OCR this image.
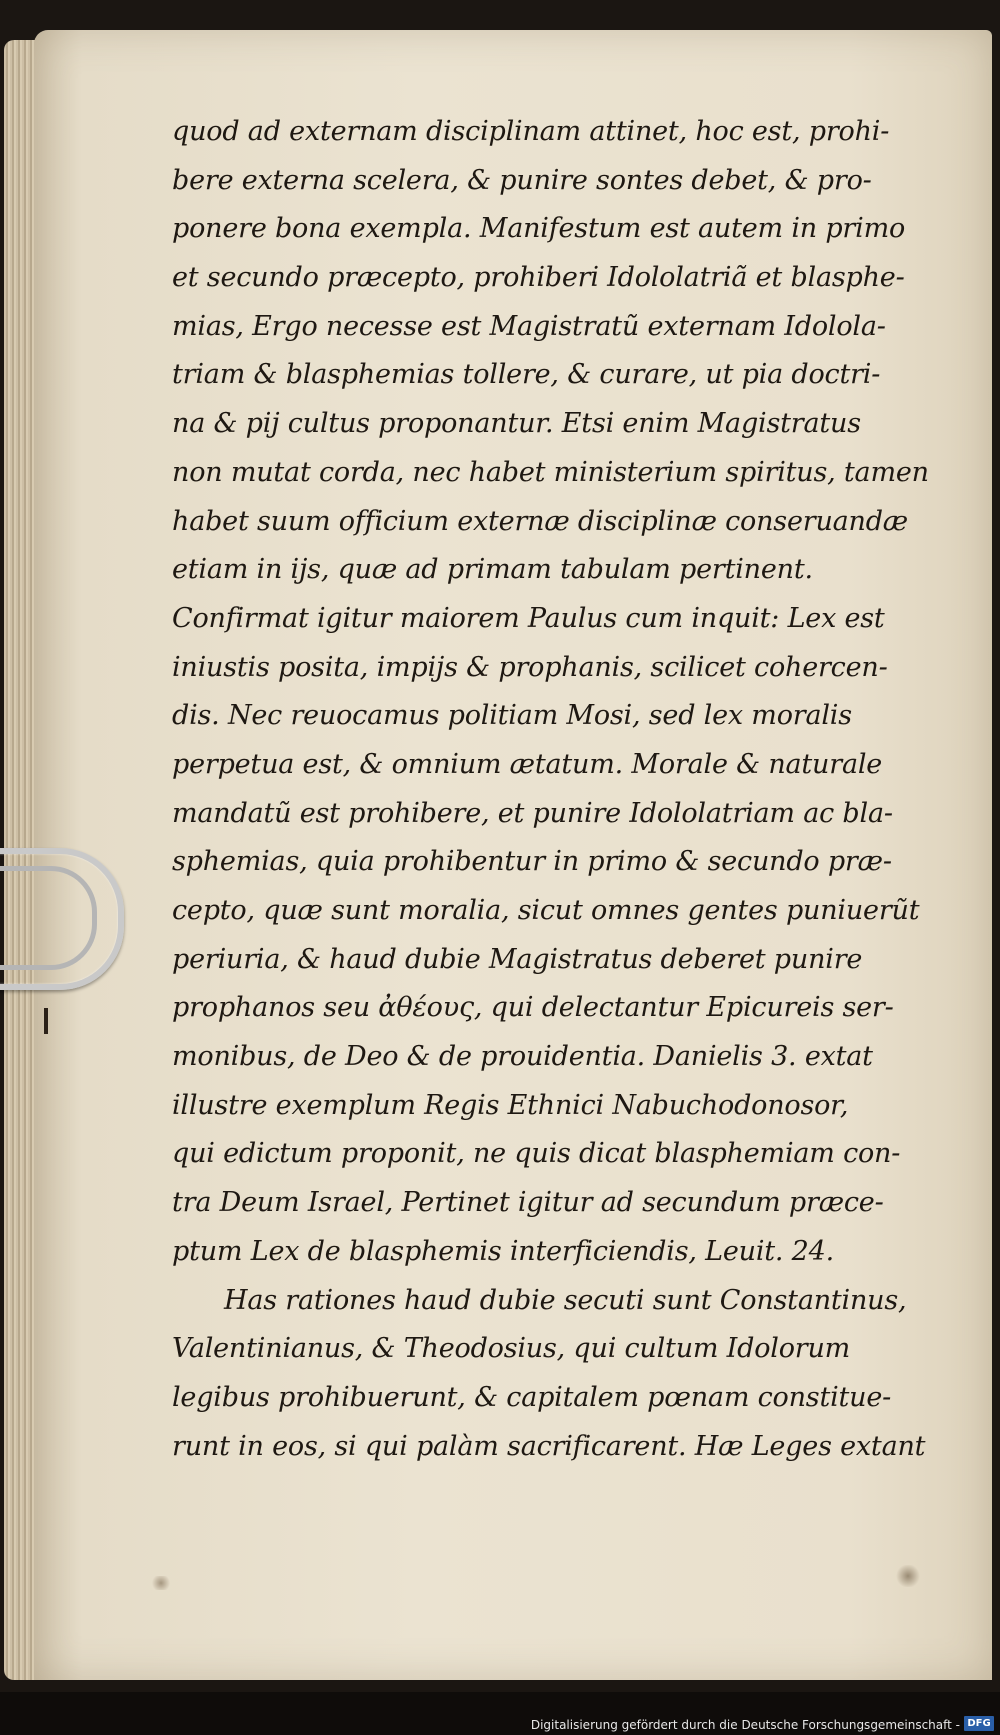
quod ad externam disciplinam attinet, hoc est, prohi-
bere externa scelera, & punire sontes debet, & pro-
ponere bona exempla. Manifestum est autem in primo
et secundo præcepto, prohiberi Idololatriã et blasphe-
mias, Ergo necesse est Magistratũ externam Idolola-
triam & blasphemias tollere, & curare, ut pia doctri-
na & pij cultus proponantur. Etsi enim Magistratus
non mutat corda, nec habet ministerium spiritus, tamen
habet suum officium externæ disciplinæ conseruandæ
etiam in ijs, quæ ad primam tabulam pertinent.
Confirmat igitur maiorem Paulus cum inquit: Lex est
iniustis posita, impijs & prophanis, scilicet cohercen-
dis. Nec reuocamus politiam Mosi, sed lex moralis
perpetua est, & omnium ætatum. Morale & naturale
mandatũ est prohibere, et punire Idololatriam ac bla-
sphemias, quia prohibentur in primo & secundo præ-
cepto, quæ sunt moralia, sicut omnes gentes puniuerũt
periuria, & haud dubie Magistratus deberet punire
prophanos seu ἀθέους, qui delectantur Epicureis ser-
monibus, de Deo & de prouidentia. Danielis 3. extat
illustre exemplum Regis Ethnici Nabuchodonosor,
qui edictum proponit, ne quis dicat blasphemiam con-
tra Deum Israel, Pertinet igitur ad secundum præce-
ptum Lex de blasphemis interficiendis, Leuit. 24.
Has rationes haud dubie secuti sunt Constantinus,
Valentinianus, & Theodosius, qui cultum Idolorum
legibus prohibuerunt, & capitalem pœnam constitue-
runt in eos, si qui palàm sacrificarent. Hæ Leges extant
Digitalisierung gefördert durch die Deutsche Forschungsgemeinschaft - DFG
